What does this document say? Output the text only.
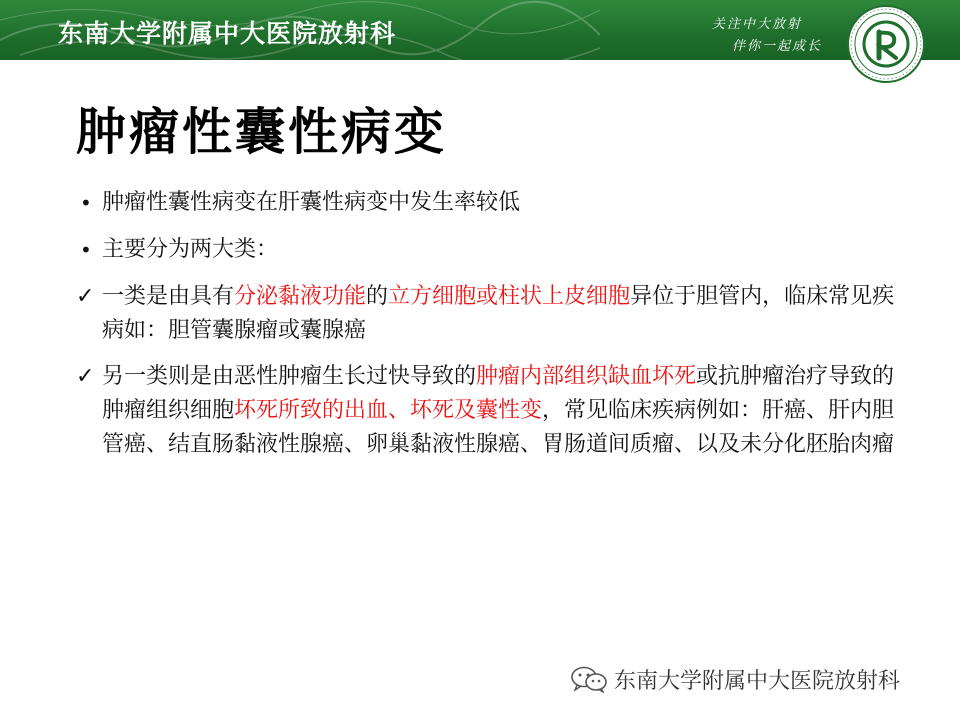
东南大学附属中大医院放射科	关注中大放射
伴你一起成长
肿瘤性囊性病变
• 肿瘤性囊性病变在肝囊性病变中发生率较低
• 主要分为两大类：
✓ 一类是由具有分泌黏液功能的立方细胞或柱状上皮细胞异位于胆管内，临床常见疾病如：胆管囊腺瘤或囊腺癌
✓ 另一类则是由恶性肿瘤生长过快导致的肿瘤内部组织缺血坏死或抗肿瘤治疗导致的肿瘤组织细胞坏死所致的出血、坏死及囊性变，常见临床疾病例如：肝癌、肝内胆管癌、结直肠黏液性腺癌、卵巢黏液性腺癌、胃肠道间质瘤、以及未分化胚胎肉瘤
东南大学附属中大医院放射科
